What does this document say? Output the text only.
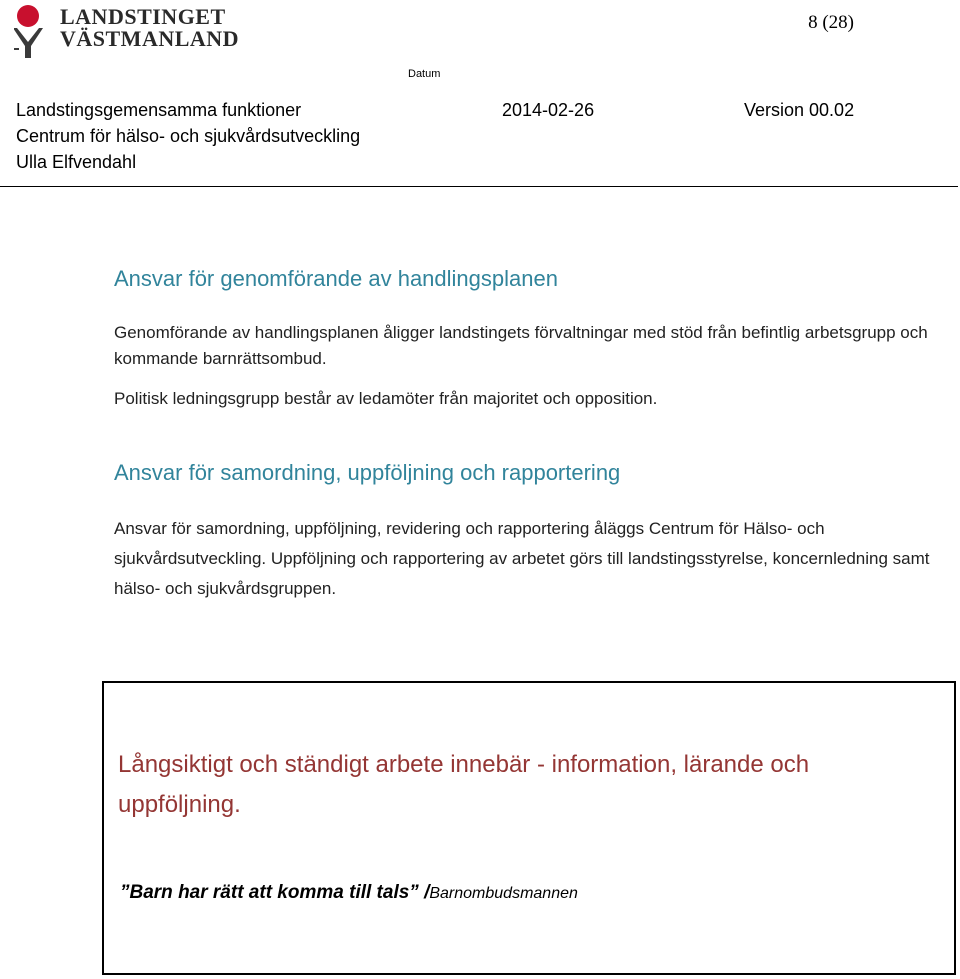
LANDSTINGET
VÄSTMANLAND
8 (28)
Datum
Landstingsgemensamma funktioner	2014-02-26	Version 00.02
Centrum för hälso- och sjukvårdsutveckling
Ulla Elfvendahl
Ansvar för genomförande av handlingsplanen
Genomförande av handlingsplanen åligger landstingets förvaltningar med stöd från befintlig arbetsgrupp och kommande barnrättsombud.
Politisk ledningsgrupp består av ledamöter från majoritet och opposition.
Ansvar för samordning, uppföljning och rapportering
Ansvar för samordning, uppföljning, revidering och rapportering åläggs Centrum för Hälso- och sjukvårdsutveckling. Uppföljning och rapportering av arbetet görs till landstingsstyrelse, koncernledning samt hälso- och sjukvårdsgruppen.
Långsiktigt och ständigt arbete innebär - information, lärande och uppföljning.
”Barn har rätt att komma till tals” /Barnombudsmannen
